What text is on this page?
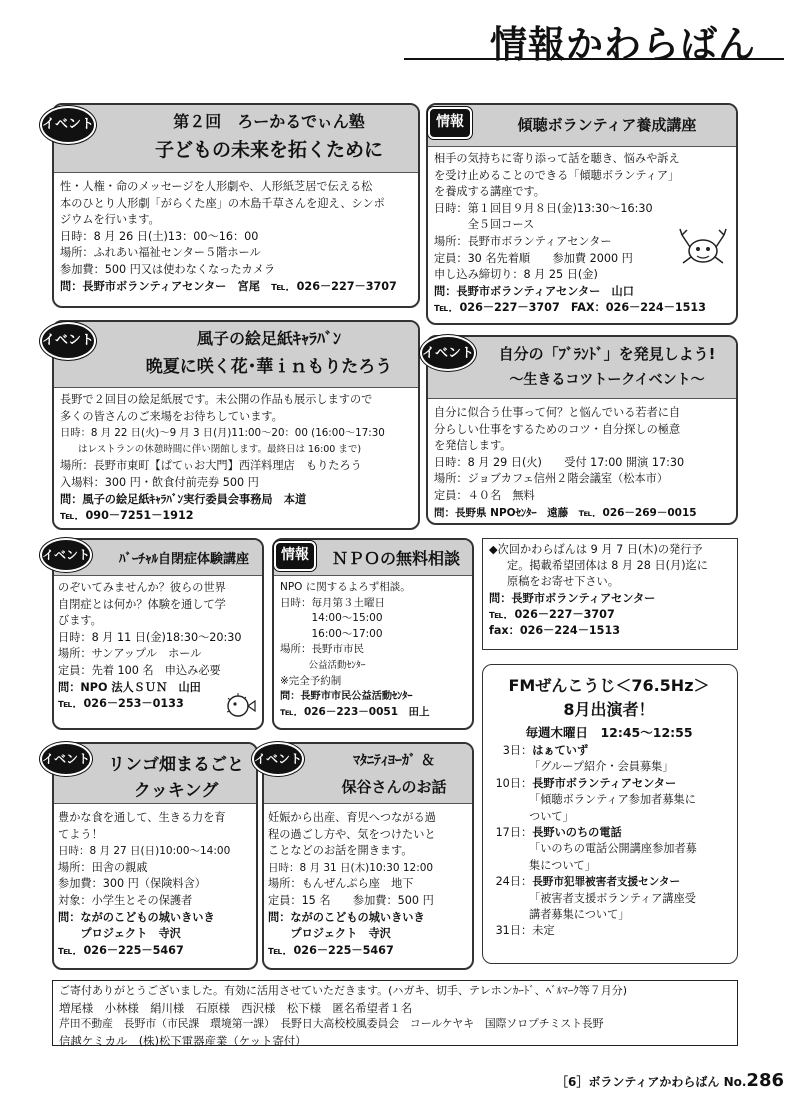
情報かわらばん
第２回　ろーかるでぃん塾
子どもの未来を拓くために

性・人権・命のメッセージを人形劇や、人形紙芝居で伝える松

本のひとり人形劇「がらくた座」の木島千草さんを迎え、シンポ

ジウムを行います。

日時：8 月 26 日(土)13：00～16：00

場所：ふれあい福祉センター５階ホール

参加費：500 円又は使わなくなったカメラ

問：長野市ボランティアセンター　宮尾　℡．026－227－3707

イベント	傾聴ボランティア養成講座

相手の気持ちに寄り添って話を聴き、悩みや訴え

を受け止めることのできる「傾聴ボランティア」

を養成する講座です。

日時：第１回目９月８日(金)13:30～16:30

　　　全５回コース

場所：長野市ボランティアセンター

定員：30 名先着順　　参加費 2000 円

申し込み締切り：8 月 25 日(金)

問：長野市ボランティアセンター　山口

℡．026－227－3707　FAX：026－224－1513

情報
風子の絵足紙ｷｬﾗﾊﾞﾝ
晩夏に咲く花･華ｉｎもりたろう

長野で２回目の絵足紙展です。未公開の作品も展示しますので

多くの皆さんのご来場をお待ちしています。

日時：8 月 22 日(火)～9 月 3 日(月)11:00～20：00 (16:00～17:30

はレストランの休憩時間に伴い閉館します。最終日は 16:00 まで)

場所：長野市東町【ぱてぃお大門】西洋料理店　もりたろう

入場料：300 円・飲食付前売券 500 円

問：風子の絵足紙ｷｬﾗﾊﾞﾝ実行委員会事務局　本道

℡．090－7251－1912

イベント
自分の「ﾌﾞﾗﾝﾄﾞ」を発見しよう!
～生きるコツトークイベント～

自分に似合う仕事って何？と悩んでいる若者に自

分らしい仕事をするためのコツ・自分探しの極意

を発信します。

日時：8 月 29 日(火)　　受付 17:00 開演 17:30

場所：ジョブカフェ信州２階会議室（松本市）

定員：４０名　無料

問：長野県 NPOｾﾝﾀｰ　遠藤　℡．026－269－0015

イベント
ﾊﾞｰﾁｬﾙ自閉症体験講座

のぞいてみませんか？彼らの世界

自閉症とは何か？体験を通して学

びます。

日時：8 月 11 日(金)18:30～20:30

場所：サンアップル　ホール

定員：先着 100 名　申込み必要

問：NPO 法人ＳＵＮ　山田

℡．026－253－0133

イベント	ＮＰＯの無料相談

NPO に関するよろず相談。

日時：毎月第３土曜日

　　　14:00～15:00

　　　16:00～17:00

場所：長野市市民

　　　公益活動ｾﾝﾀｰ

※完全予約制

問：長野市市民公益活動ｾﾝﾀｰ

℡．026－223－0051　田上

情報	◆次回かわらばんは 9 月 7 日(木)の発行予

定。掲載希望団体は 8 月 28 日(月)迄に

原稿をお寄せ下さい。

問：長野市ボランティアセンター

℡．026－227－3707

fax：026－224－1513

FMぜんこうじ＜76.5Hz＞
8月出演者！
毎週木曜日　12:45～12:55

3日：はぁていず

「グループ紹介・会員募集」

10日：長野市ボランティアセンター

「傾聴ボランティア参加者募集に

ついて」

17日：長野いのちの電話

「いのちの電話公開講座参加者募

集について」

24日：長野市犯罪被害者支援センター

「被害者支援ボランティア講座受

講者募集について」

31日：未定

リンゴ畑まるごと
クッキング

豊かな食を通して、生きる力を育

てよう！

日時：8 月 27 日(日)10:00～14:00

場所：田舎の親戚

参加費：300 円（保険料含）

対象：小学生とその保護者

問：ながのこどもの城いきいき

　　プロジェクト　寺沢

℡．026－225－5467

イベント	ﾏﾀﾆﾃｨﾖｰｶﾞ ＆
保谷さんのお話

妊娠から出産、育児へつながる過

程の過ごし方や、気をつけたいと

ことなどのお話を開きます。

日時：8 月 31 日(木)10:30 12:00

場所：もんぜんぷら座　地下

定員：15 名　　参加費：500 円

問：ながのこどもの城いきいき

　　プロジェクト　寺沢

℡．026－225－5467

イベント

ご寄付ありがとうございました。有効に活用させていただきます。(ハガキ、切手、テレホンｶｰﾄﾞ、ﾍﾞﾙﾏｰｸ等７月分)

増尾様　小林様　絹川様　石原様　西沢様　松下様　匿名希望者１名

芹田不動産　長野市（市民課　環境第一課）　長野日大高校校風委員会　コールケヤキ　国際ソロプチミスト長野

信越ケミカル　(株)松下電器産業（ケット寄付）

［6］ボランティアかわらばん No.286
